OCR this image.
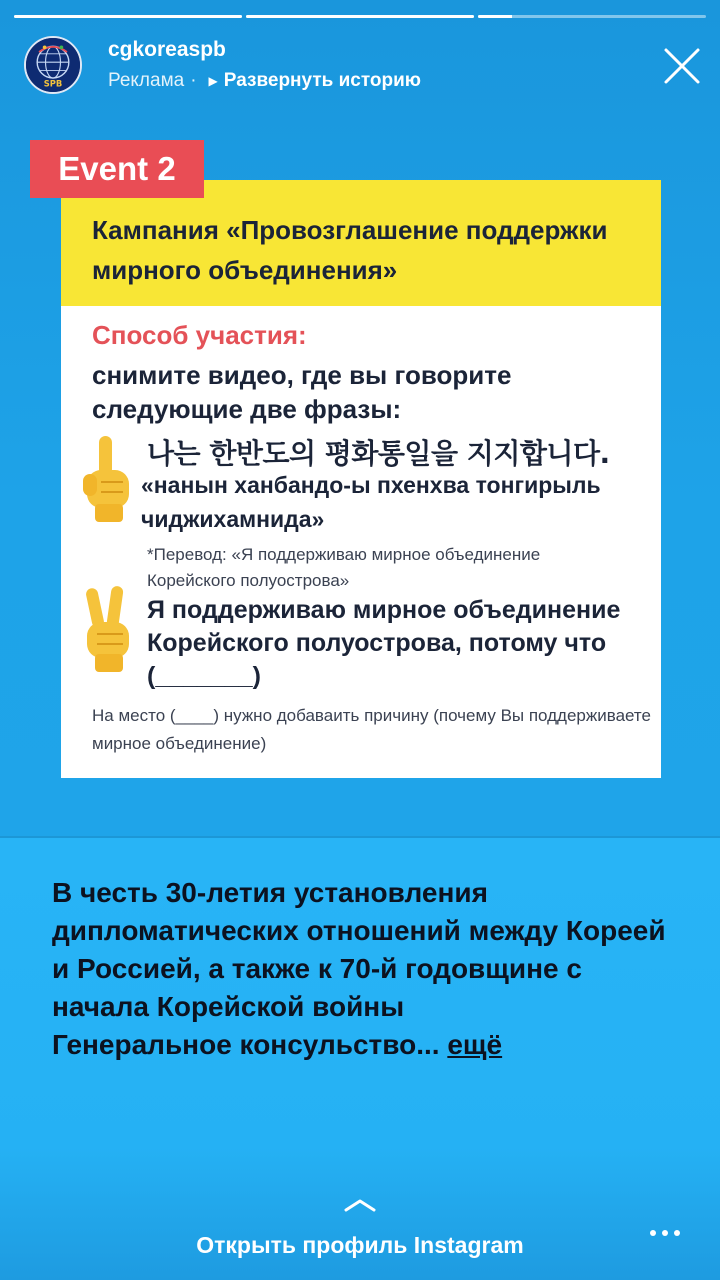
SPB
cgkoreaspb
Реклама · ▶ Развернуть историю
Event 2
Кампания «Провозглашение поддержки мирного объединения»
Способ участия:
снимите видео, где вы говорите следующие две фразы:
나는 한반도의 평화통일을 지지합니다.
«нанын ханбандо-ы пхенхва тонгирыль чиджихамнида»
*Перевод: «Я поддерживаю мирное объединение Корейского полуострова»
Я поддерживаю мирное объединение Корейского полуострова, потому что (_______)
На место (____) нужно добаваить причину (почему Вы поддерживаете мирное объединение)
В честь 30-летия установления дипломатических отношений между Кореей и Россией, а также к 70-й годовщине с начала Корейской войны
Генеральное консульство... ещё
Открыть профиль Instagram
